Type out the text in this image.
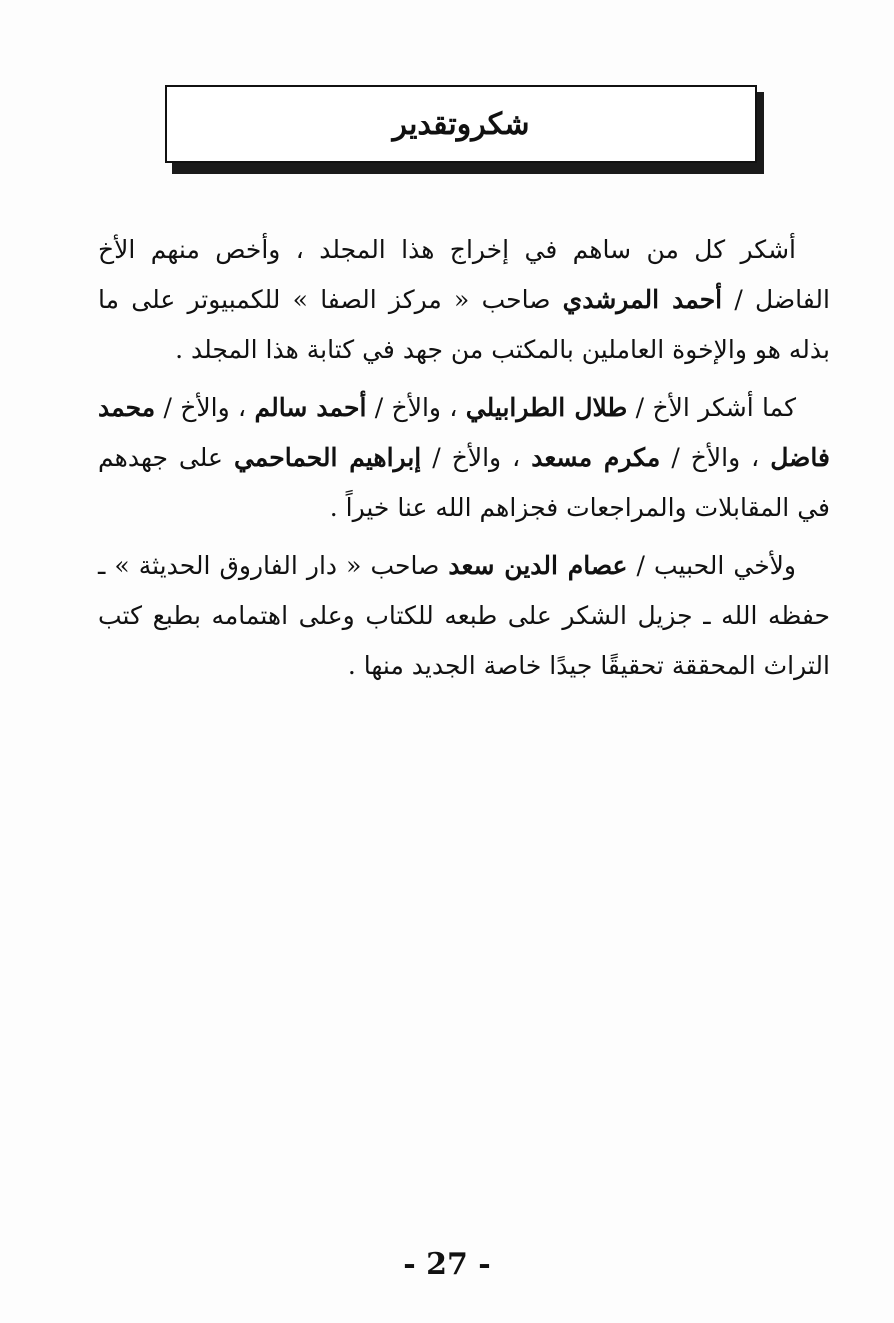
شكروتقدير

أشكر كل من ساهم في إخراج هذا المجلد ، وأخص منهم الأخ الفاضل / أحمد المرشدي صاحب « مركز الصفا » للكمبيوتر على ما بذله هو والإخوة العاملين بالمكتب من جهد في كتابة هذا المجلد .

كما أشكر الأخ / طلال الطرابيلي ، والأخ / أحمد سالم ، والأخ / محمد فاضل ، والأخ / مكرم مسعد ، والأخ / إبراهيم الحماحمي على جهدهم في المقابلات والمراجعات فجزاهم الله عنا خيراً .

ولأخي الحبيب / عصام الدين سعد صاحب « دار الفاروق الحديثة » ـ حفظه الله ـ جزيل الشكر على طبعه للكتاب وعلى اهتمامه بطبع كتب التراث المحققة تحقيقًا جيدًا خاصة الجديد منها .

- 27 -
